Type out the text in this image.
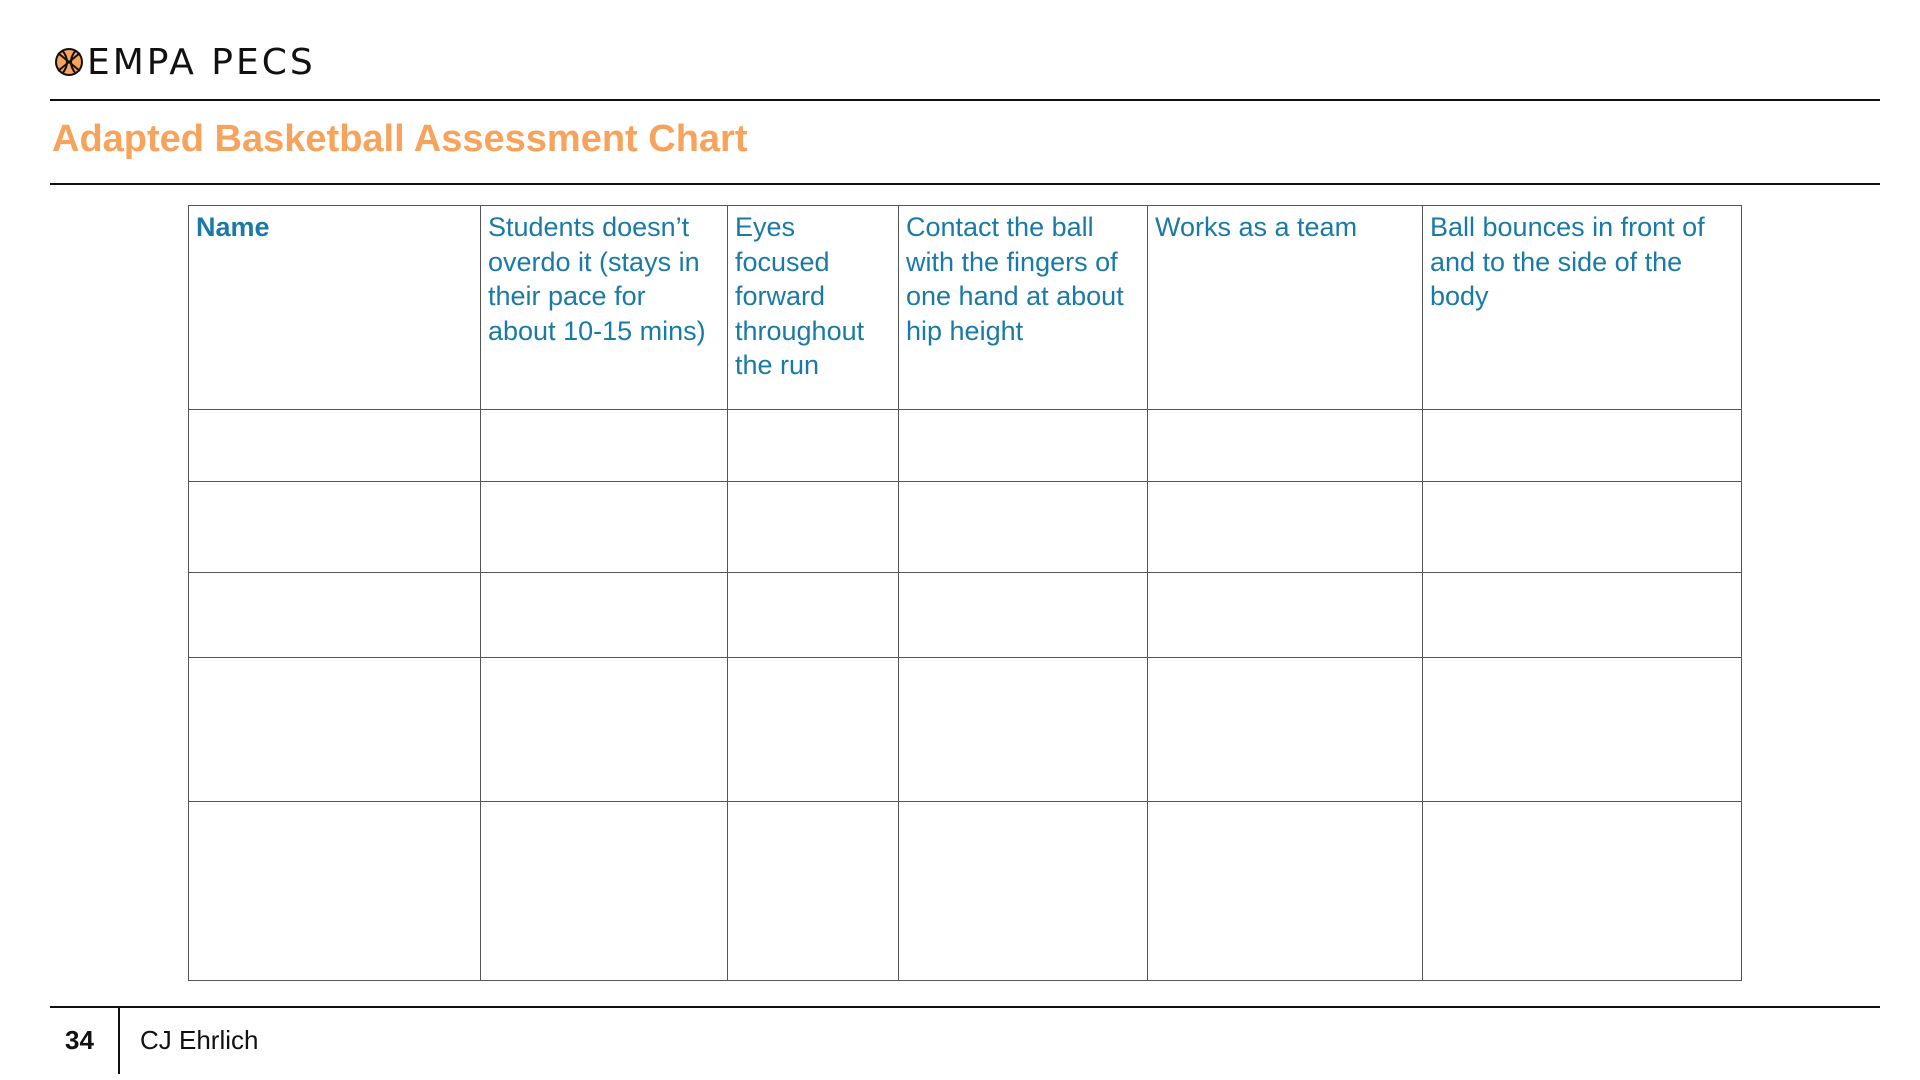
EMPA PECS
Adapted Basketball Assessment Chart
Name	Students doesn’t overdo it (stays in their pace for about 10-15 mins)	Eyes focused forward throughout the run	Contact the ball with the fingers of one hand at about hip height	Works as a team	Ball bounces in front of and to the side of the body

34 CJ Ehrlich
